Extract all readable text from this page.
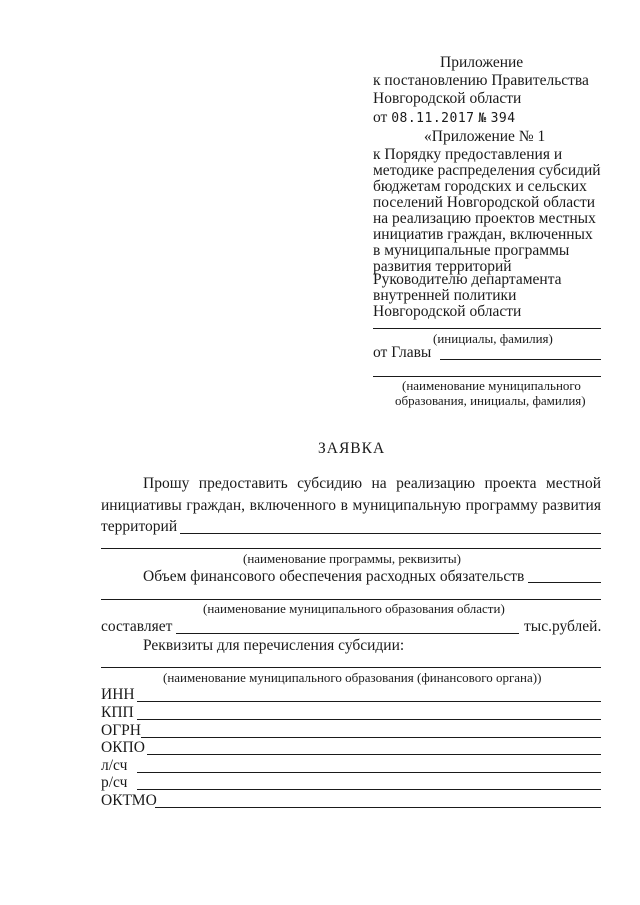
Приложение
к постановлению Правительства
Новгородской области
от 08.11.2017 № 394
«Приложение № 1
к Порядку предоставления и
методике распределения субсидий
бюджетам городских и сельских
поселений Новгородской области
на реализацию проектов местных
инициатив граждан, включенных
в муниципальные программы
развития территорий
Руководителю департамента
внутренней политики
Новгородской области
(инициалы, фамилия)
от Главы
(наименование муниципального
образования, инициалы, фамилия)
ЗАЯВКА
Прошу предоставить субсидию на реализацию проекта местной
инициативы граждан, включенного в муниципальную программу развития
территорий
(наименование программы, реквизиты)
Объем финансового обеспечения расходных обязательств
(наименование муниципального образования области)
составляет	тыс.рублей.
Реквизиты для перечисления субсидии:
(наименование муниципального образования (финансового органа))
ИНН
КПП
ОГРН
ОКПО
л/сч
р/сч
ОКТМО
